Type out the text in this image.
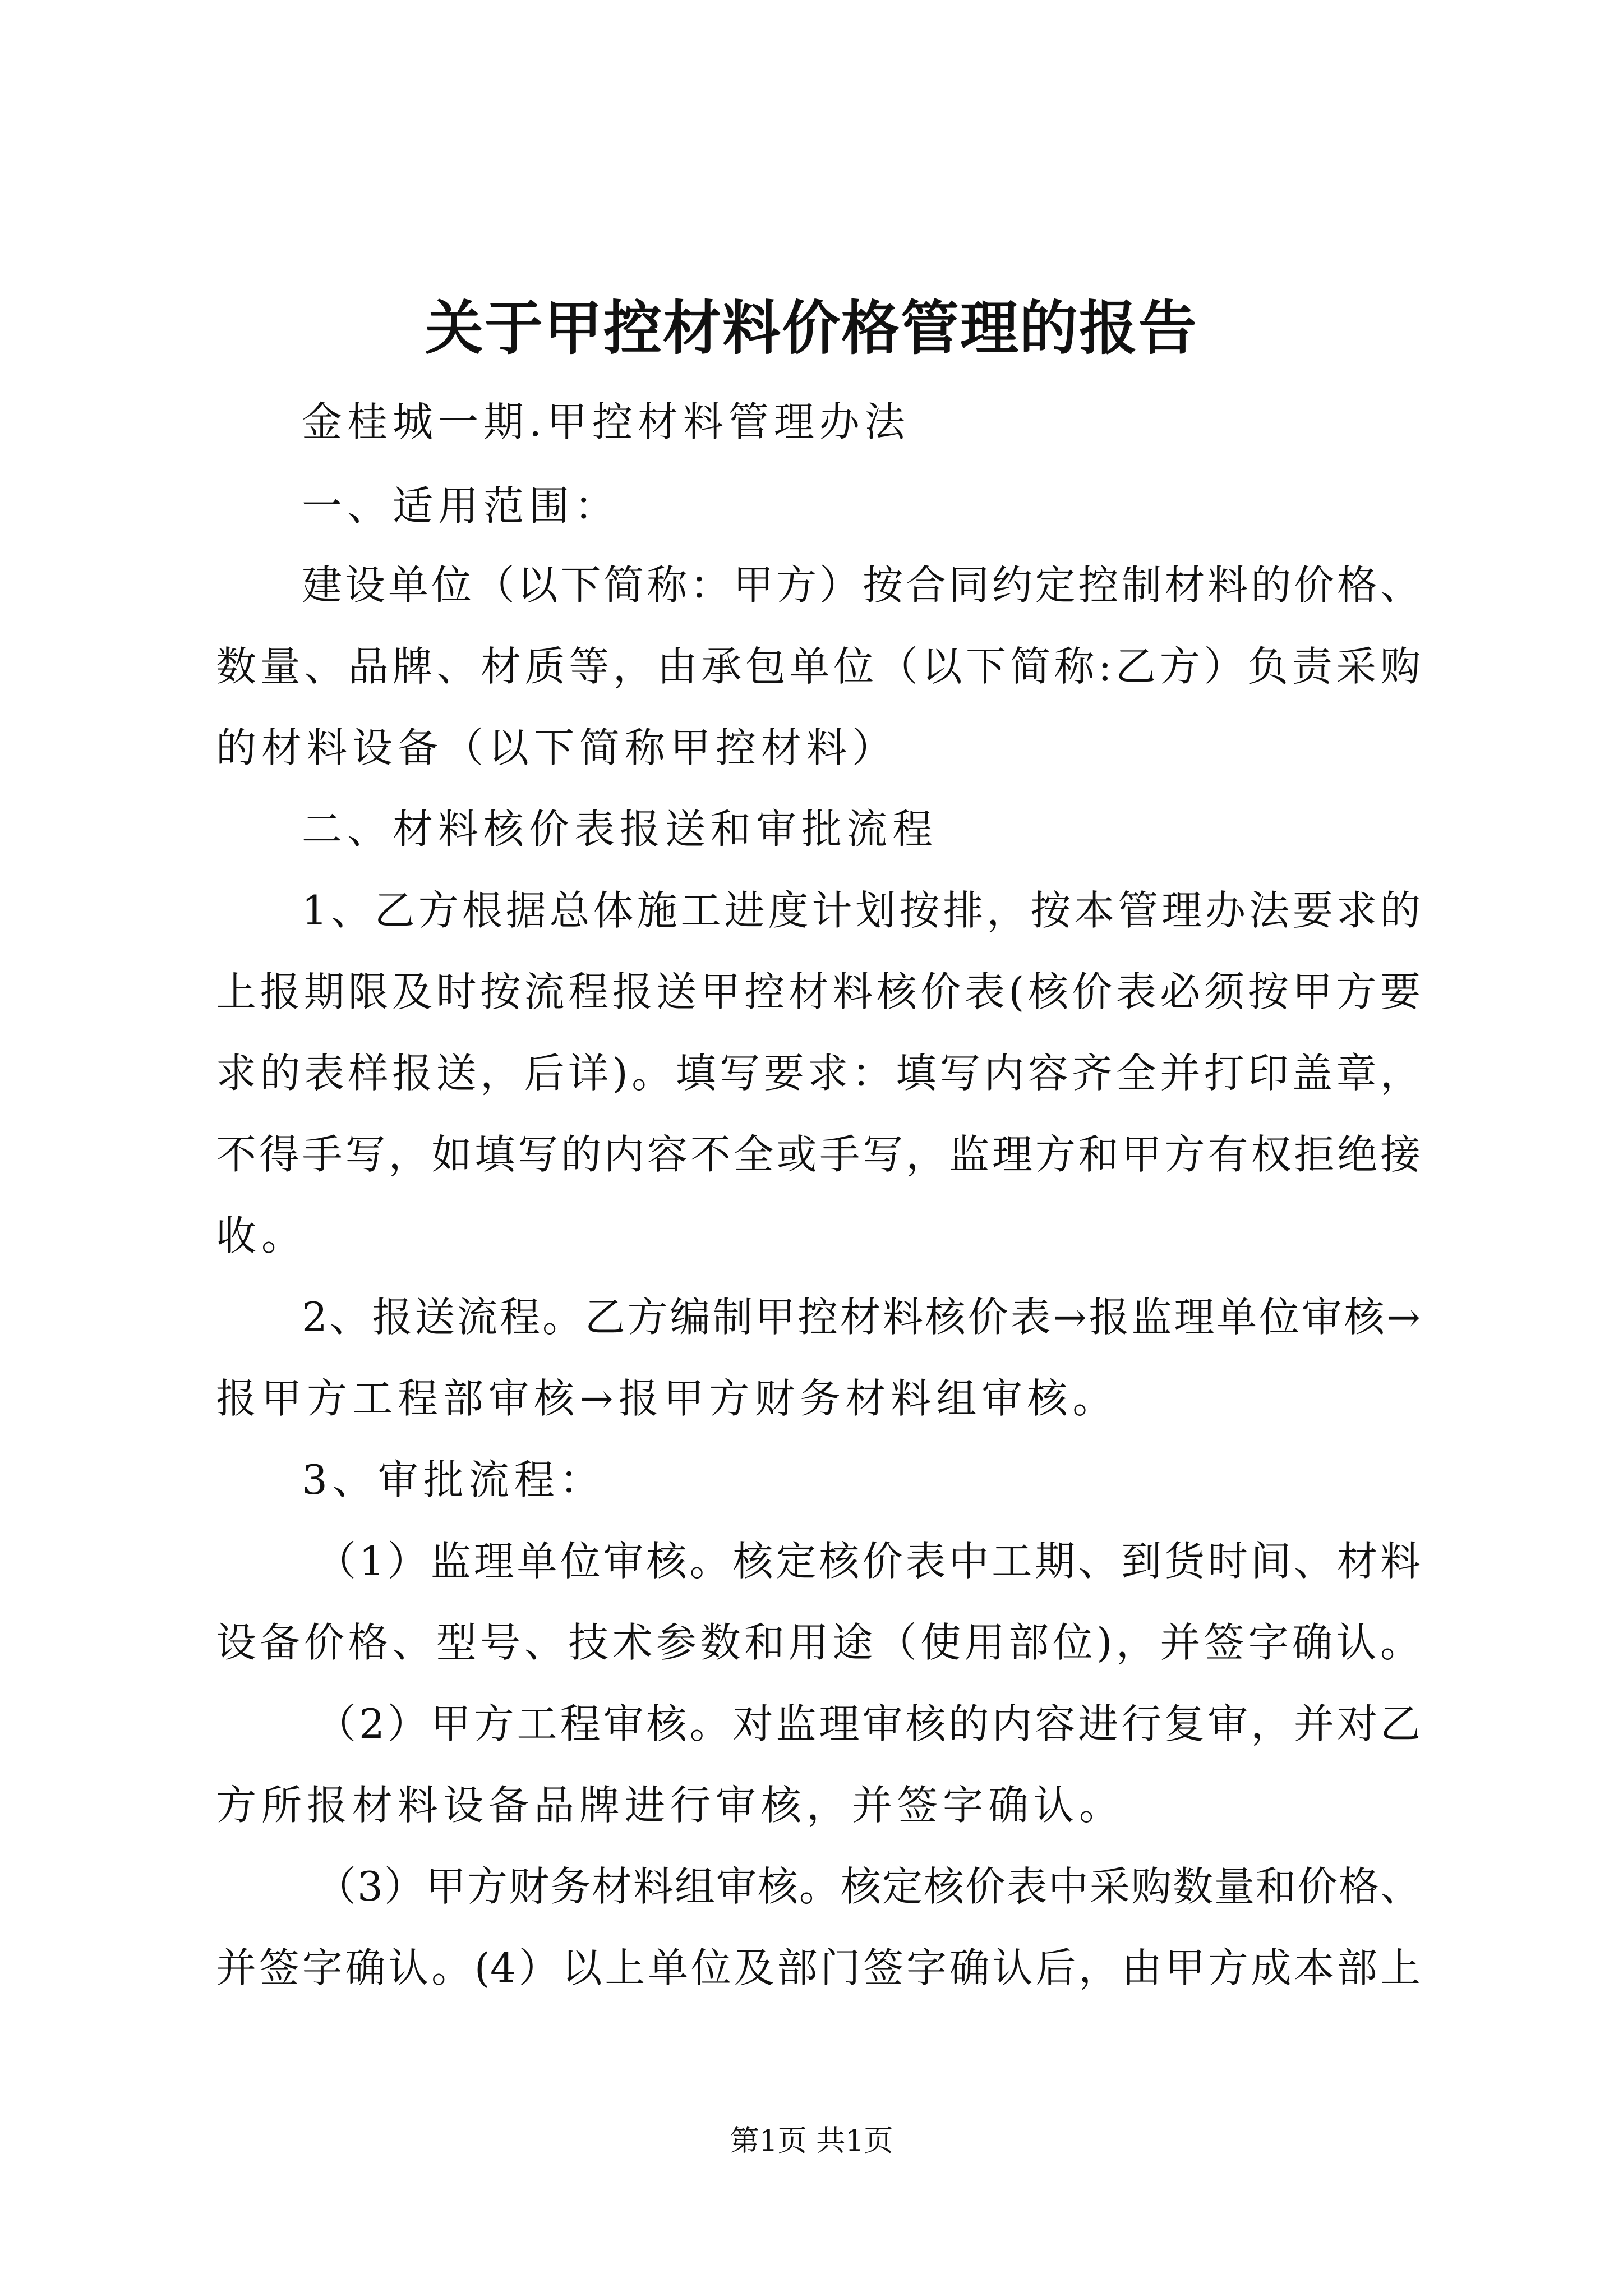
关于甲控材料价格管理的报告
金桂城一期.甲控材料管理办法
一、适用范围：
建设单位（以下简称：甲方）按合同约定控制材料的价格、
数量、品牌、材质等，由承包单位（以下简称:乙方）负责采购
的材料设备（以下简称甲控材料）
二、材料核价表报送和审批流程
1、乙方根据总体施工进度计划按排，按本管理办法要求的
上报期限及时按流程报送甲控材料核价表(核价表必须按甲方要
求的表样报送，后详)。填写要求：填写内容齐全并打印盖章，
不得手写，如填写的内容不全或手写，监理方和甲方有权拒绝接
收。
2、报送流程。乙方编制甲控材料核价表→报监理单位审核→
报甲方工程部审核→报甲方财务材料组审核。
3、审批流程：
（1）监理单位审核。核定核价表中工期、到货时间、材料
设备价格、型号、技术参数和用途（使用部位)，并签字确认。
（2）甲方工程审核。对监理审核的内容进行复审，并对乙
方所报材料设备品牌进行审核，并签字确认。
（3）甲方财务材料组审核。核定核价表中采购数量和价格、
并签字确认。(4）以上单位及部门签字确认后，由甲方成本部上
第1页 共1页
